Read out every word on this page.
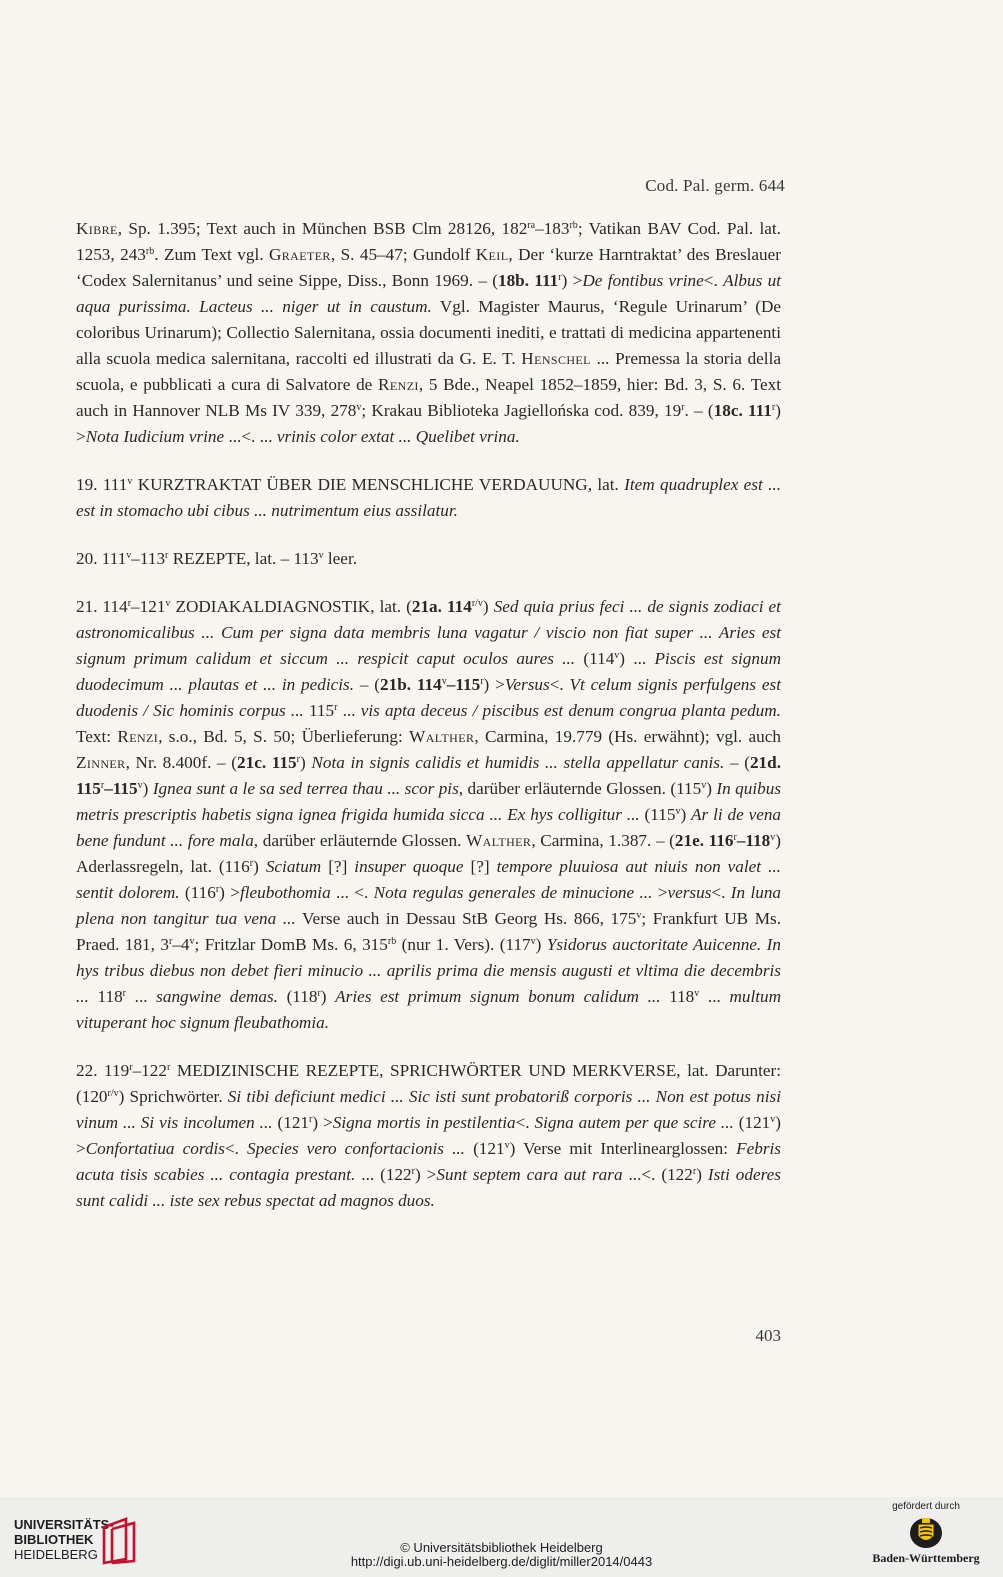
Cod. Pal. germ. 644

Kibre, Sp. 1.395; Text auch in München BSB Clm 28126, $182^{ra}-183^{rb}$; Vatikan BAV Cod. Pal. lat. 1253, $243^{rb}$. Zum Text vgl. Graeter, S. 45–47; Gundolf Keil, Der ‘kurze Harntraktat’ des Breslauer ‘Codex Salernitanus’ und seine Sippe, Diss., Bonn 1969. – (18b. $111^r) >De$ fontibus vrine<. Albus ut aqua purissima. Lacteus ... niger ut in caustum. Vgl. Magister Maurus, ‘Regule Urinarum’ (De coloribus Urinarum); Collectio Salernitana, ossia documenti inediti, e trattati di medicina appartenenti alla scuola medica salernitana, raccolti ed illustrati da G. E. T. Henschel ... Premessa la storia della scuola, e pubblicati a cura di Salvatore de Renzi, 5 Bde., Neapel 1852–1859, hier: Bd. 3, S. 6. Text auch in Hannover NLB Ms IV 339, 278$^v$; Krakau Biblioteka Jagiellońska cod. 839, 19$^r$. – (18c. $111^r$) >Nota Iudicium vrine ...<. ... vrinis color extat ... Quelibet vrina.

19. 111$^v$ KURZTRAKTAT ÜBER DIE MENSCHLICHE VERDAUUNG, lat. Item quadruplex est ... est in stomacho ubi cibus ... nutrimentum eius assilatur.

20. 111$^v$–113$^r$ REZEPTE, lat. – 113$^v$ leer.

21. 114$^r$–121$^v$ ZODIAKALDIAGNOSTIK, lat. (21a. $114^{r/v}$) Sed quia prius feci ... de signis zodiaci et astronomicalibus ... Cum per signa data membris luna vagatur / viscio non fiat super ... Aries est signum primum calidum et siccum ... respicit caput oculos aures ... (114$^v$) ... Piscis est signum duodecimum ... plautas et ... in pedicis. – (21b. $114^v-115^r$) >Versus<. Vt celum signis perfulgens est duodenis / Sic hominis corpus ... 115$^r$ ... vis apta deceus / piscibus est denum congrua planta pedum. Text: Renzi, s.o., Bd. 5, S. 50; Überlieferung: Walther, Carmina, 19.779 (Hs. erwähnt); vgl. auch Zinner, Nr. 8.400f. – (21c. 115$^r$) Nota in signis calidis et humidis ... stella appellatur canis. – (21d. 115$^r$–115$^v$) Ignea sunt a le sa sed terrea thau ... scor pis, darüber erläuternde Glossen. (115$^v$) In quibus metris prescriptis habetis signa ignea frigida humida sicca ... Ex hys colligitur ... (115$^v$) Ar li de vena bene fundunt ... fore mala, darüber erläuternde Glossen. Walther, Carmina, 1.387. – (21e. 116$^r$–118$^v$) Aderlassregeln, lat. (116$^r$) Sciatum [?] insuper quoque [?] tempore pluuiosa aut niuis non valet ... sentit dolorem. $(116^r)$ >fleubothomia ... <. Nota regulas generales de minucione ... >versus<. In luna plena non tangitur tua vena ... Verse auch in Dessau StB Georg Hs. 866, 175$^v$; Frankfurt UB Ms. Praed. 181, 3$^r$–4$^v$; Fritzlar DomB Ms. 6, $315^{rb}$ (nur 1. Vers). (117$^v$) Ysidorus auctoritate Auicenne. In hys tribus diebus non debet fieri minucio ... aprilis prima die mensis augusti et vltima die decembris ... 118$^r$ ... sangwine demas. (118$^r$) Aries est primum signum bonum calidum ... 118$^v$ ... multum vituperant hoc signum fleubathomia.

22. 119$^r$–122$^r$ MEDIZINISCHE REZEPTE, SPRICHWÖRTER UND MERKVERSE, lat. Darunter: $(120^{r/v})$ Sprichwörter. Si tibi deficiunt medici ... Sic isti sunt probatoriß corporis ... Non est potus nisi vinum ... Si vis incolumen ... $(121^r)$ >Signa mortis in pestilentia<. Signa autem per que scire ... $(121^v)$ >Confortatiua cordis<. Species vero confortacionis ... (121$^v$) Verse mit Interlinearglossen: Febris acuta tisis scabies ... contagia prestant. ... $(122^r)$ >Sunt septem cara aut rara ...<. (122$^r$) Isti oderes sunt calidi ... iste sex rebus spectat ad magnos duos.

403
UNIVERSITÄTS-
BIBLIOTHEK
HEIDELBERG	© Universitätsbibliothek Heidelberg
http://digi.ub.uni-heidelberg.de/diglit/miller2014/0443
gefördert durch
Baden-Württemberg
